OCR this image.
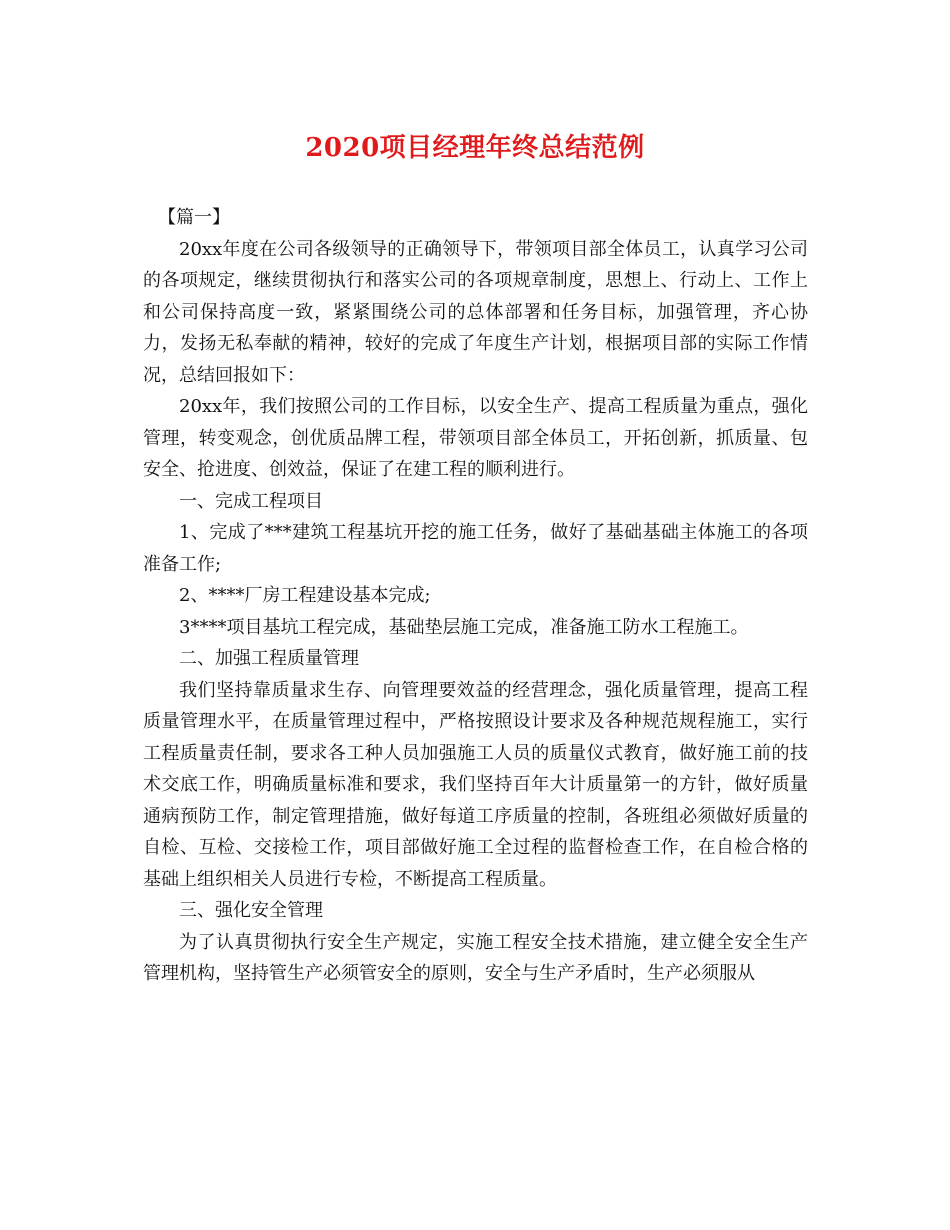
2020项目经理年终总结范例

【篇一】

20xx年度在公司各级领导的正确领导下，带领项目部全体员工，认真学习公司的各项规定，继续贯彻执行和落实公司的各项规章制度，思想上、行动上、工作上和公司保持高度一致，紧紧围绕公司的总体部署和任务目标，加强管理，齐心协力，发扬无私奉献的精神，较好的完成了年度生产计划，根据项目部的实际工作情况，总结回报如下：

20xx年，我们按照公司的工作目标，以安全生产、提高工程质量为重点，强化管理，转变观念，创优质品牌工程，带领项目部全体员工，开拓创新，抓质量、包安全、抢进度、创效益，保证了在建工程的顺利进行。

一、完成工程项目

1、完成了***建筑工程基坑开挖的施工任务，做好了基础基础主体施工的各项准备工作;

2、****厂房工程建设基本完成;

3****项目基坑工程完成，基础垫层施工完成，准备施工防水工程施工。

二、加强工程质量管理

我们坚持靠质量求生存、向管理要效益的经营理念，强化质量管理，提高工程质量管理水平，在质量管理过程中，严格按照设计要求及各种规范规程施工，实行工程质量责任制，要求各工种人员加强施工人员的质量仪式教育，做好施工前的技术交底工作，明确质量标准和要求，我们坚持百年大计质量第一的方针，做好质量通病预防工作，制定管理措施，做好每道工序质量的控制，各班组必须做好质量的自检、互检、交接检工作，项目部做好施工全过程的监督检查工作，在自检合格的基础上组织相关人员进行专检，不断提高工程质量。

三、强化安全管理

为了认真贯彻执行安全生产规定，实施工程安全技术措施，建立健全安全生产管理机构，坚持管生产必须管安全的原则，安全与生产矛盾时，生产必须服从
